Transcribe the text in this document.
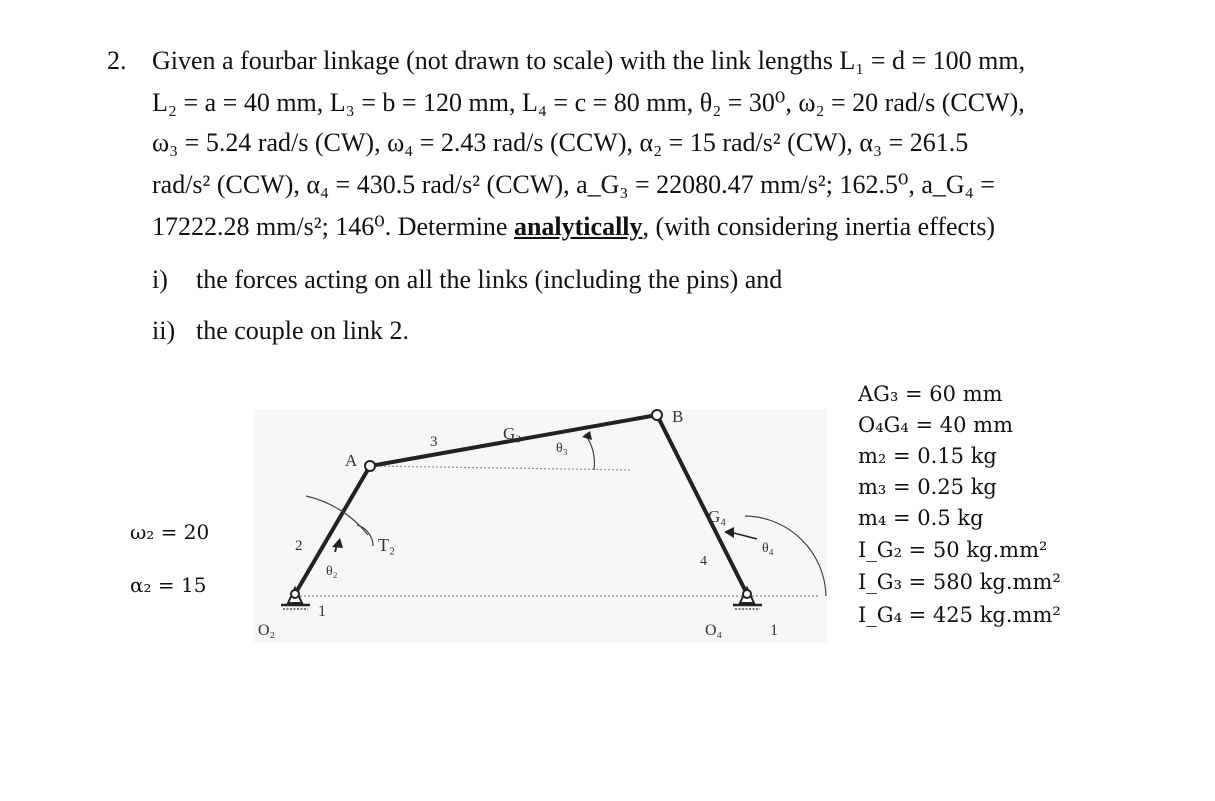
2. Given a fourbar linkage (not drawn to scale) with the link lengths L₁ = d = 100 mm,
L₂ = a = 40 mm, L₃ = b = 120 mm, L₄ = c = 80 mm, θ₂ = 30⁰, ω₂ = 20 rad/s (CCW),
ω₃ = 5.24 rad/s (CW), ω₄ = 2.43 rad/s (CCW), α₂ = 15 rad/s² (CW), α₃ = 261.5
rad/s² (CCW), α₄ = 430.5 rad/s² (CCW), a_G₃ = 22080.47 mm/s²; 162.5⁰, a_G₄ =
17222.28 mm/s²; 146⁰. Determine analytically, (with considering inertia effects)
i) the forces acting on all the links (including the pins) and
ii) the couple on link 2.
ω₂ = 20
α₂ = 15
A
B
G₃
G₄
O₂	O₄
1
1
2
3
4
θ₂
θ₃
θ₄
T₂
AG₃ = 60 mm
O₄G₄ = 40 mm
m₂ = 0.15 kg
m₃ = 0.25 kg
m₄ = 0.5 kg
I_G₂ = 50 kg.mm²
I_G₃ = 580 kg.mm²
I_G₄ = 425 kg.mm²
